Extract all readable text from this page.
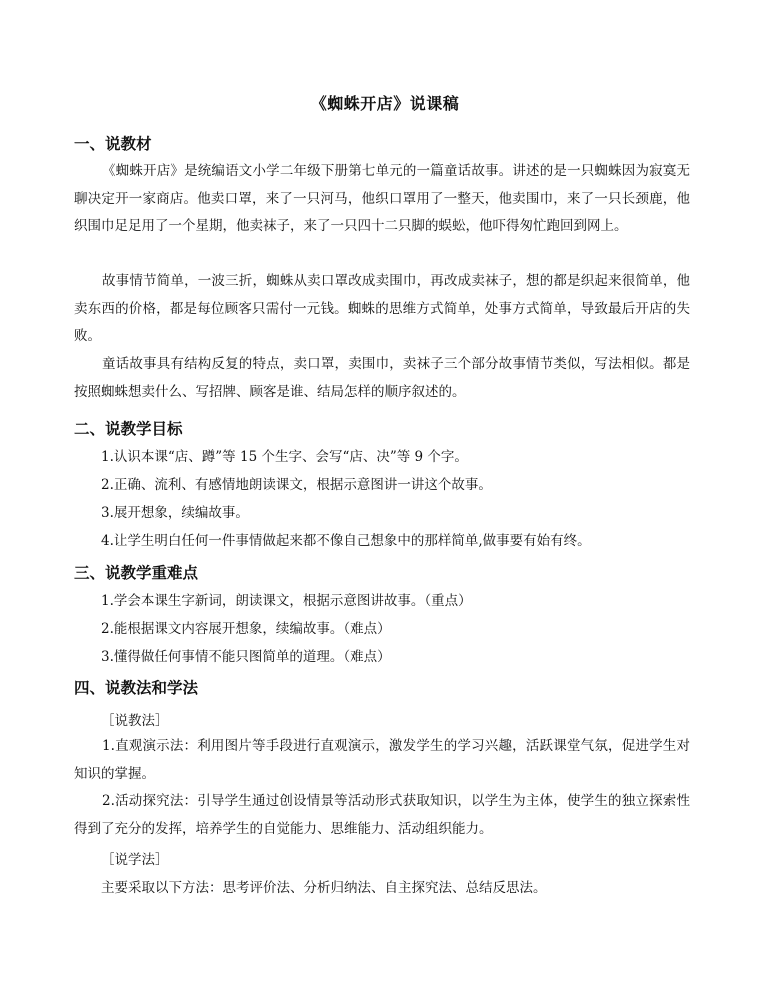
《蜘蛛开店》说课稿
一、说教材

《蜘蛛开店》是统编语文小学二年级下册第七单元的一篇童话故事。讲述的是一只蜘蛛因为寂寞无聊决定开一家商店。他卖口罩，来了一只河马，他织口罩用了一整天，他卖围巾，来了一只长颈鹿，他织围巾足足用了一个星期，他卖袜子，来了一只四十二只脚的蜈蚣，他吓得匆忙跑回到网上。

故事情节简单，一波三折，蜘蛛从卖口罩改成卖围巾，再改成卖袜子，想的都是织起来很简单，他卖东西的价格，都是每位顾客只需付一元钱。蜘蛛的思维方式简单，处事方式简单，导致最后开店的失败。

童话故事具有结构反复的特点，卖口罩，卖围巾，卖袜子三个部分故事情节类似，写法相似。都是按照蜘蛛想卖什么、写招牌、顾客是谁、结局怎样的顺序叙述的。

二、说教学目标

1.认识本课“店、蹲”等 15 个生字、会写“店、决”等 9 个字。

2.正确、流利、有感情地朗读课文，根据示意图讲一讲这个故事。

3.展开想象，续编故事。

4.让学生明白任何一件事情做起来都不像自己想象中的那样简单,做事要有始有终。

三、说教学重难点

1.学会本课生字新词，朗读课文，根据示意图讲故事。（重点）

2.能根据课文内容展开想象，续编故事。（难点）

3.懂得做任何事情不能只图简单的道理。（难点）

四、说教法和学法

［说教法］

1.直观演示法：利用图片等手段进行直观演示，激发学生的学习兴趣，活跃课堂气氛，促进学生对知识的掌握。

2.活动探究法：引导学生通过创设情景等活动形式获取知识，以学生为主体，使学生的独立探索性得到了充分的发挥，培养学生的自觉能力、思维能力、活动组织能力。

［说学法］

主要采取以下方法：思考评价法、分析归纳法、自主探究法、总结反思法。
